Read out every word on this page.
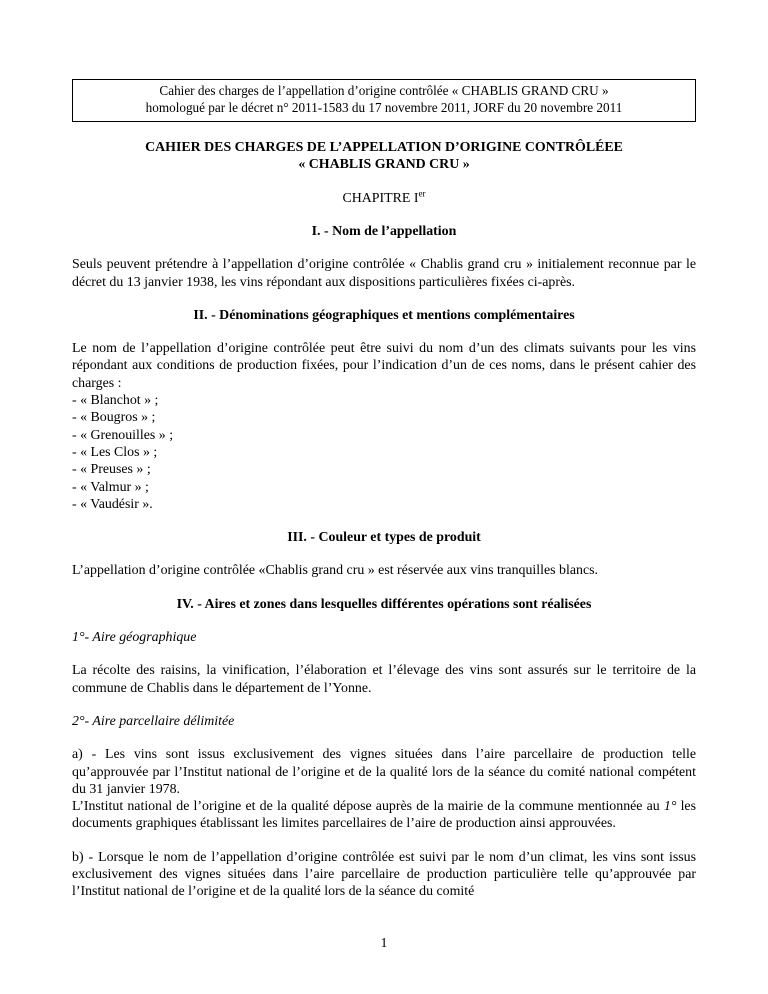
Cahier des charges de l’appellation d’origine contrôlée « CHABLIS GRAND CRU »
homologué par le décret n° 2011-1583 du 17 novembre 2011, JORF du 20 novembre 2011
CAHIER DES CHARGES DE L’APPELLATION D’ORIGINE CONTRÔLÉEE
« CHABLIS GRAND CRU »
CHAPITRE Ier
I. - Nom de l’appellation
Seuls peuvent prétendre à l’appellation d’origine contrôlée « Chablis grand cru » initialement reconnue par le décret du 13 janvier 1938, les vins répondant aux dispositions particulières fixées ci-après.
II. - Dénominations géographiques et mentions complémentaires
Le nom de l’appellation d’origine contrôlée peut être suivi du nom d’un des climats suivants pour les vins répondant aux conditions de production fixées, pour l’indication d’un de ces noms, dans le présent cahier des charges :
- « Blanchot » ;
- « Bougros » ;
- « Grenouilles » ;
- « Les Clos » ;
- « Preuses » ;
- « Valmur » ;
- « Vaudésir ».
III. - Couleur et types de produit
L’appellation d’origine contrôlée «Chablis grand cru » est réservée aux vins tranquilles blancs.
IV. - Aires et zones dans lesquelles différentes opérations sont réalisées
1°- Aire géographique
La récolte des raisins, la vinification, l’élaboration et l’élevage des vins sont assurés sur le territoire de la commune de Chablis dans le département de l’Yonne.
2°- Aire parcellaire délimitée
a) - Les vins sont issus exclusivement des vignes situées dans l’aire parcellaire de production telle qu’approuvée par l’Institut national de l’origine et de la qualité lors de la séance du comité national compétent du 31 janvier 1978.
L’Institut national de l’origine et de la qualité dépose auprès de la mairie de la commune mentionnée au 1° les documents graphiques établissant les limites parcellaires de l’aire de production ainsi approuvées.
b) - Lorsque le nom de l’appellation d’origine contrôlée est suivi par le nom d’un climat, les vins sont issus exclusivement des vignes situées dans l’aire parcellaire de production particulière telle qu’approuvée par l’Institut national de l’origine et de la qualité lors de la séance du comité
1
